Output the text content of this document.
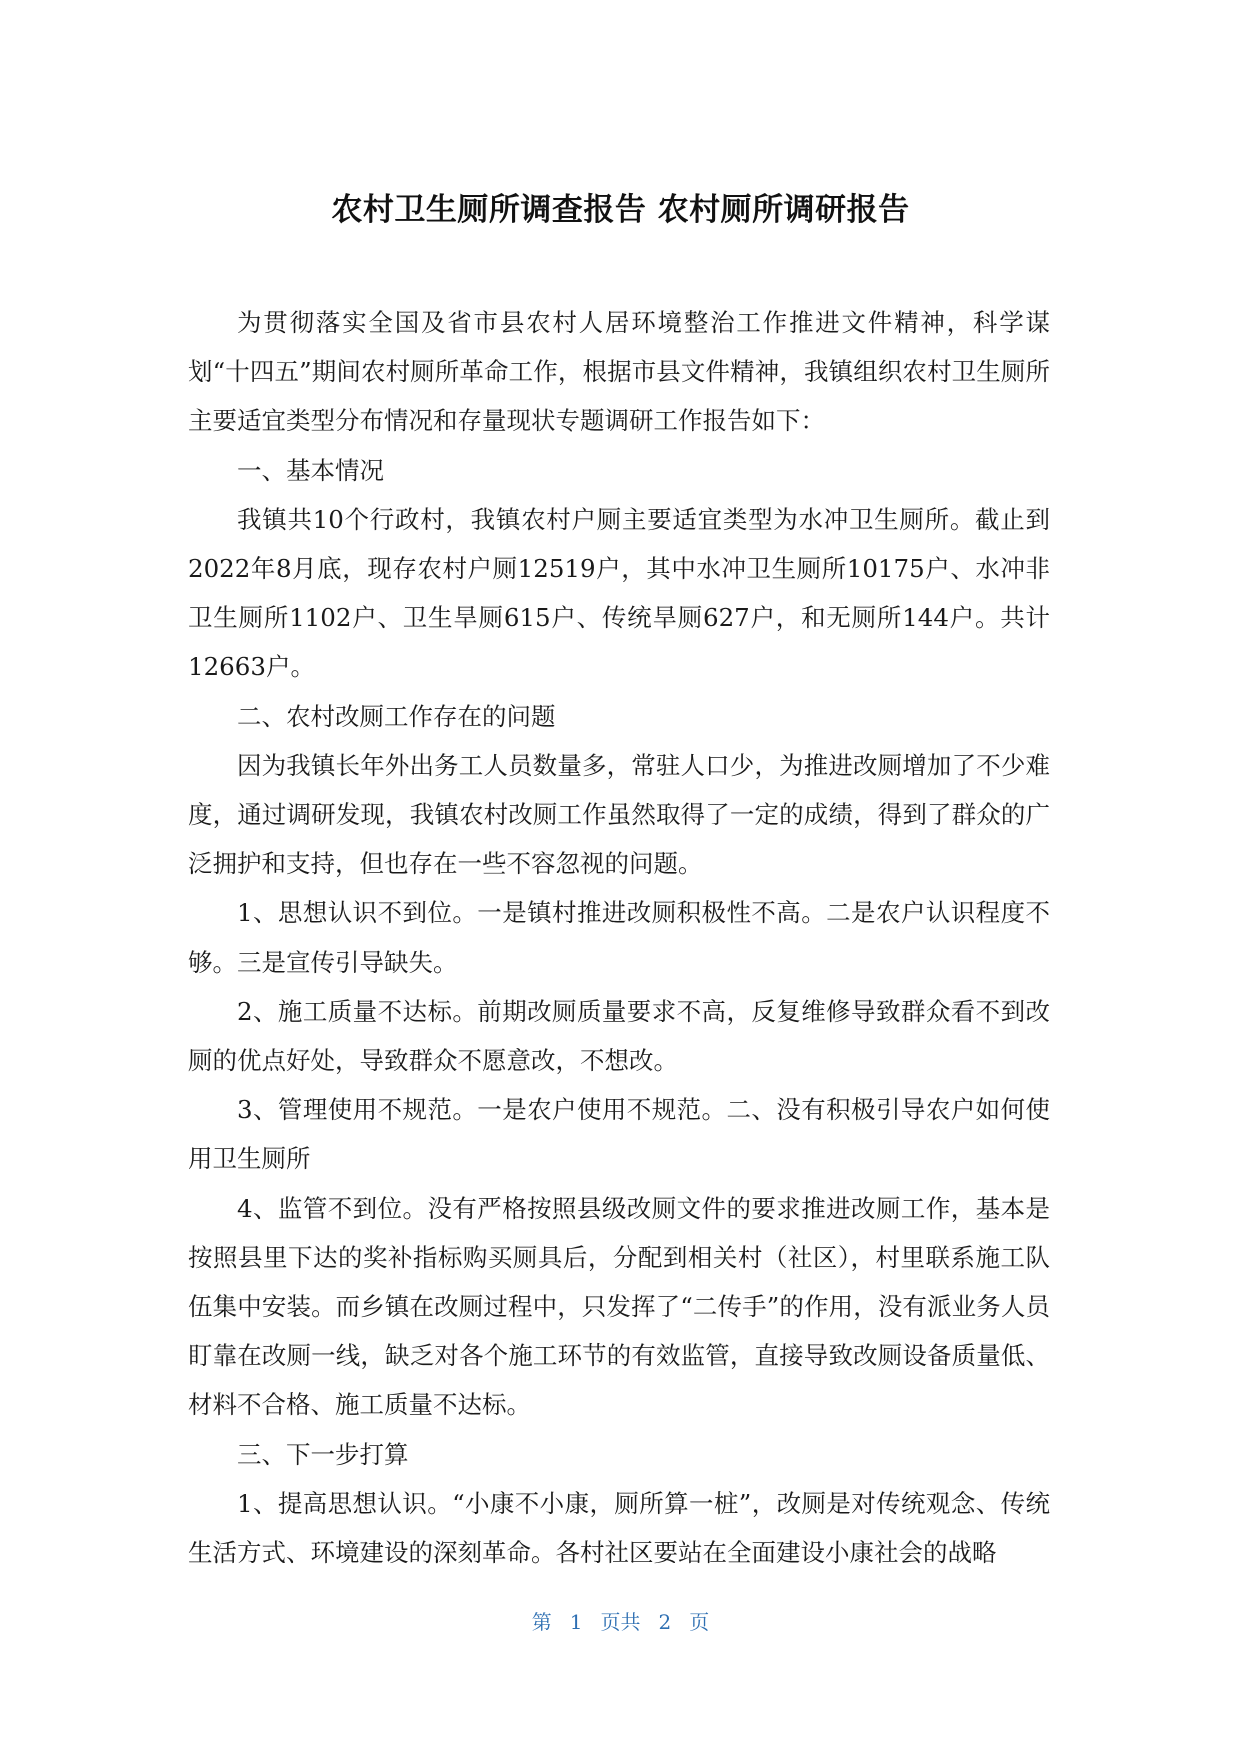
农村卫生厕所调查报告 农村厕所调研报告

为贯彻落实全国及省市县农村人居环境整治工作推进文件精神，科学谋划“十四五”期间农村厕所革命工作，根据市县文件精神，我镇组织农村卫生厕所主要适宜类型分布情况和存量现状专题调研工作报告如下：

一、基本情况

我镇共10个行政村，我镇农村户厕主要适宜类型为水冲卫生厕所。截止到2022年8月底，现存农村户厕12519户，其中水冲卫生厕所10175户、水冲非卫生厕所1102户、卫生旱厕615户、传统旱厕627户，和无厕所144户。共计12663户。

二、农村改厕工作存在的问题

因为我镇长年外出务工人员数量多，常驻人口少，为推进改厕增加了不少难度，通过调研发现，我镇农村改厕工作虽然取得了一定的成绩，得到了群众的广泛拥护和支持，但也存在一些不容忽视的问题。

1、思想认识不到位。一是镇村推进改厕积极性不高。二是农户认识程度不够。三是宣传引导缺失。

2、施工质量不达标。前期改厕质量要求不高，反复维修导致群众看不到改厕的优点好处，导致群众不愿意改，不想改。

3、管理使用不规范。一是农户使用不规范。二、没有积极引导农户如何使用卫生厕所

4、监管不到位。没有严格按照县级改厕文件的要求推进改厕工作，基本是按照县里下达的奖补指标购买厕具后，分配到相关村（社区），村里联系施工队伍集中安装。而乡镇在改厕过程中，只发挥了“二传手”的作用，没有派业务人员盯靠在改厕一线，缺乏对各个施工环节的有效监管，直接导致改厕设备质量低、材料不合格、施工质量不达标。

三、下一步打算

1、提高思想认识。“小康不小康，厕所算一桩”，改厕是对传统观念、传统生活方式、环境建设的深刻革命。各村社区要站在全面建设小康社会的战略

第 1 页共 2 页
